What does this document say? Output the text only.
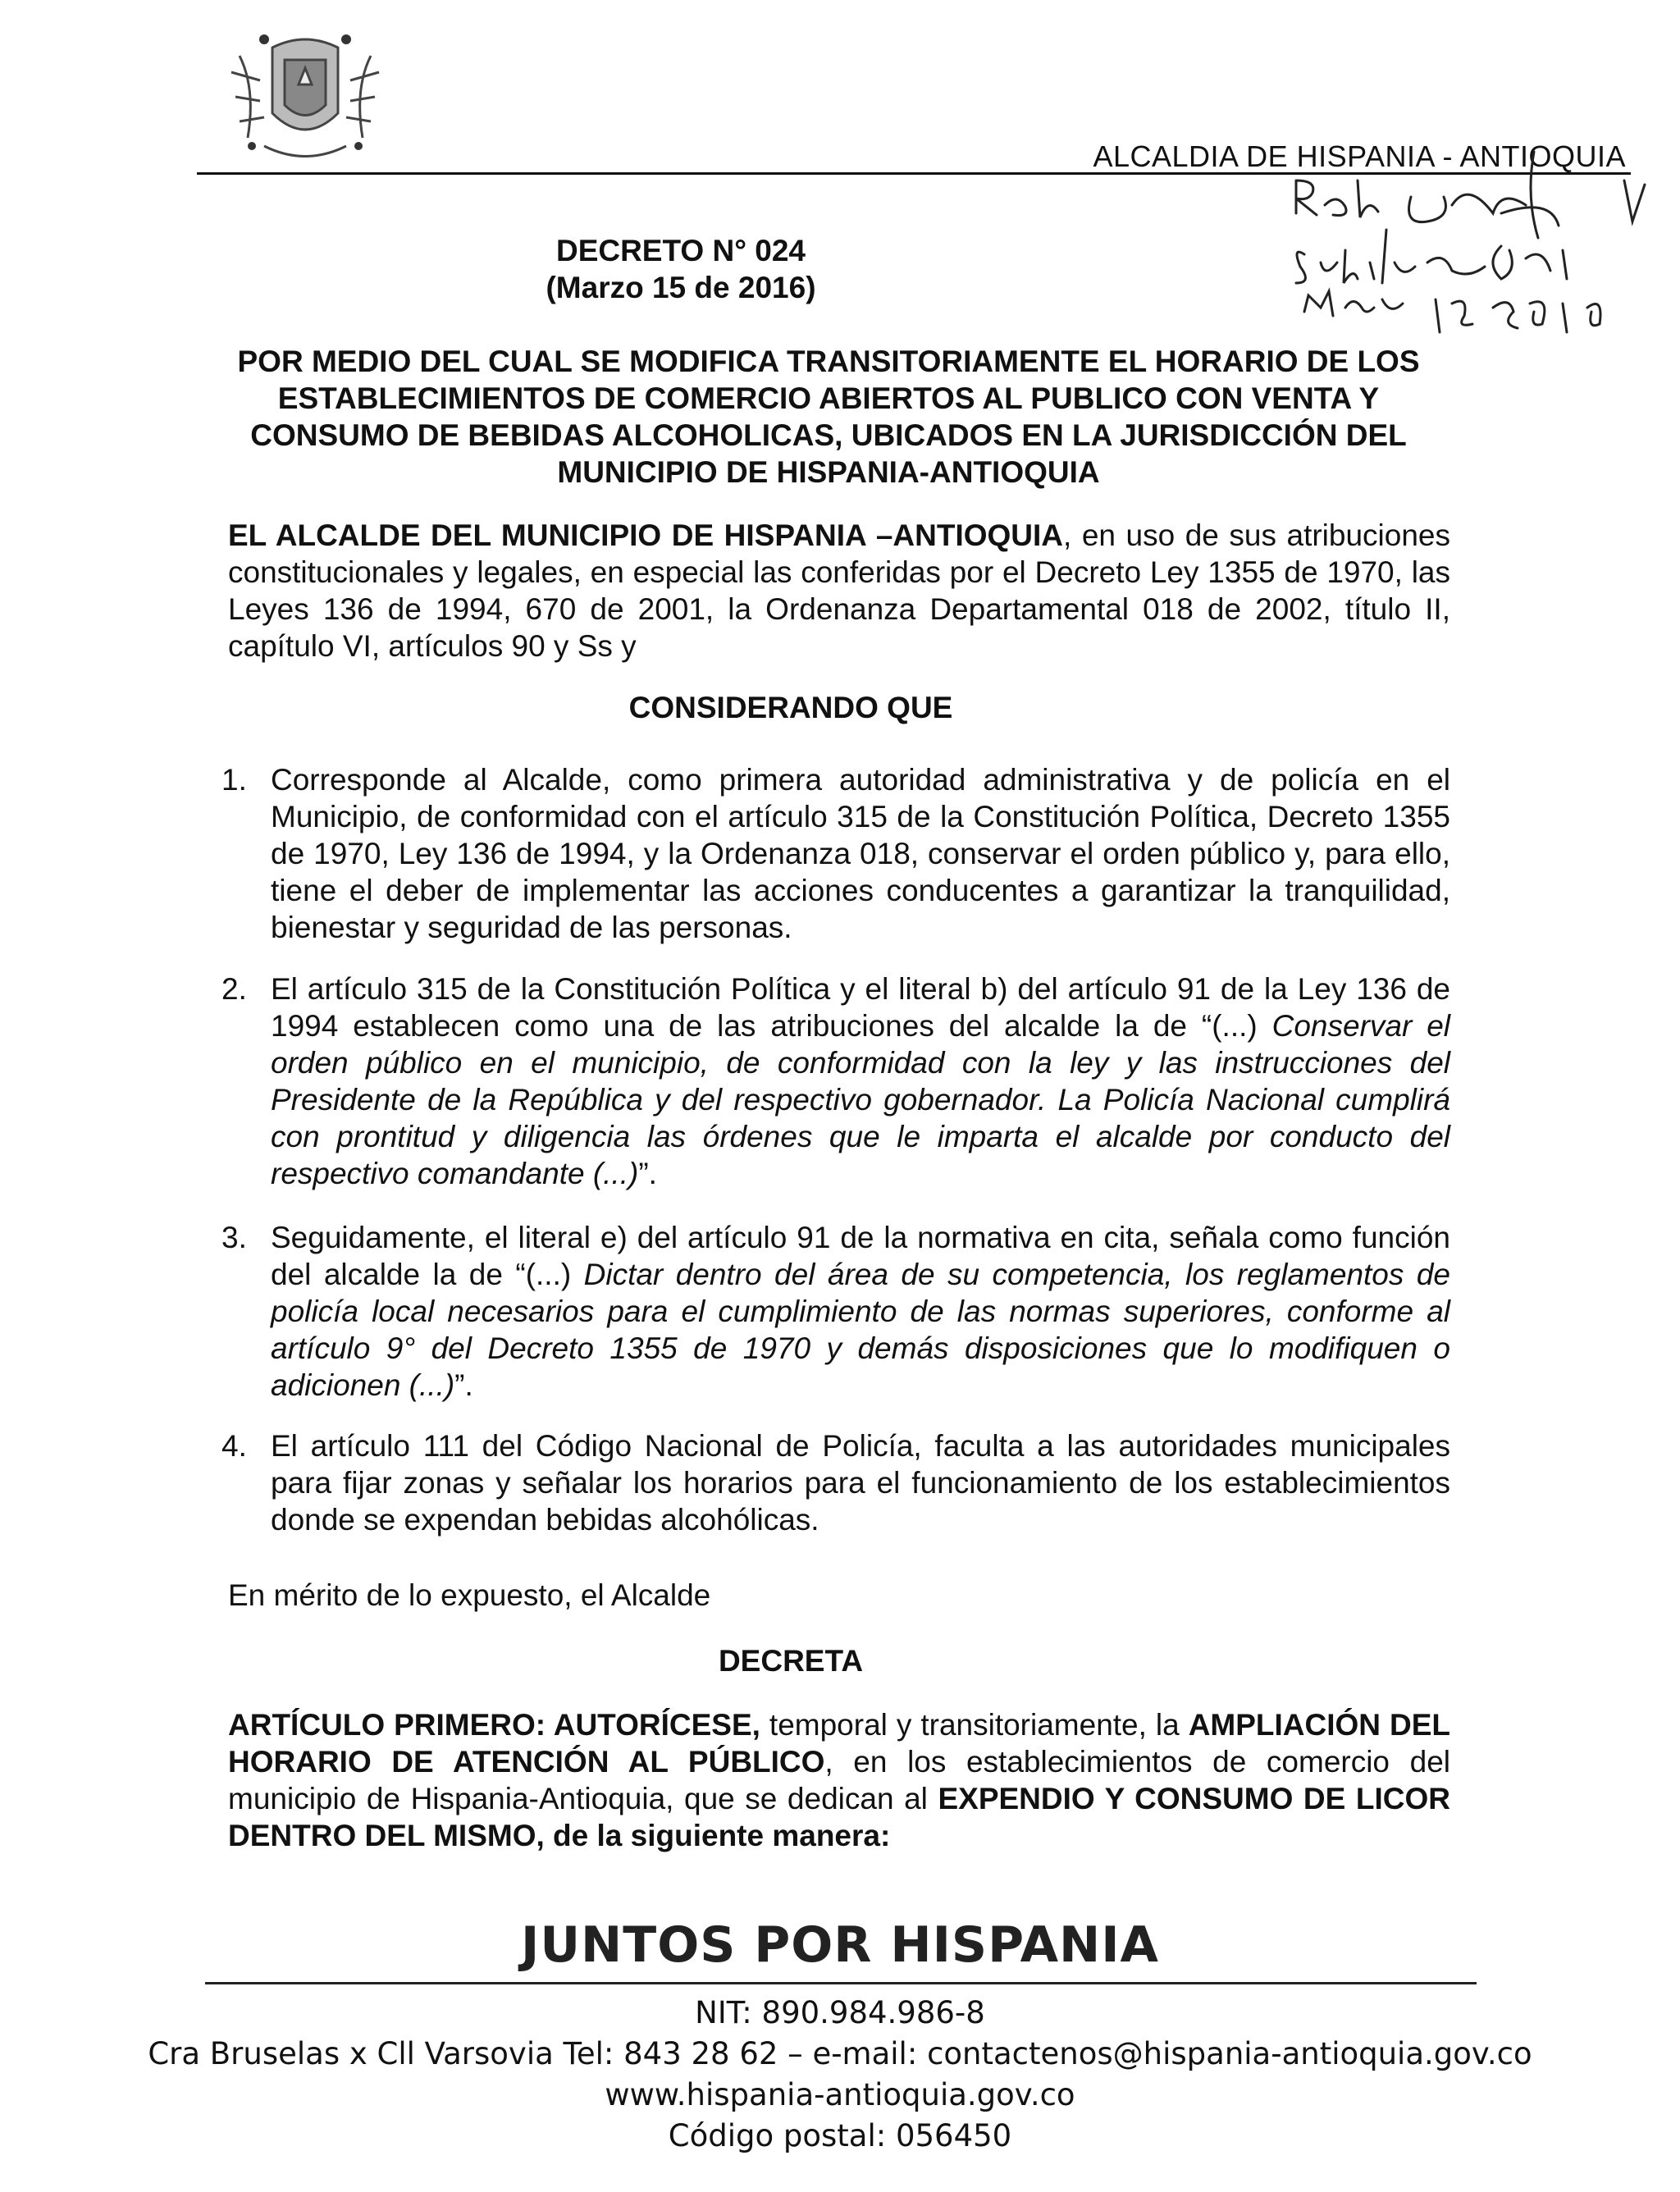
ALCALDIA DE HISPANIA - ANTIOQUIA
DECRETO N° 024
(Marzo 15 de 2016)
POR MEDIO DEL CUAL SE MODIFICA TRANSITORIAMENTE EL HORARIO DE LOS ESTABLECIMIENTOS DE COMERCIO ABIERTOS AL PUBLICO CON VENTA Y CONSUMO DE BEBIDAS ALCOHOLICAS, UBICADOS EN LA JURISDICCIÓN DEL MUNICIPIO DE HISPANIA-ANTIOQUIA
EL ALCALDE DEL MUNICIPIO DE HISPANIA –ANTIOQUIA, en uso de sus atribuciones constitucionales y legales, en especial las conferidas por el Decreto Ley 1355 de 1970, las Leyes 136 de 1994, 670 de 2001, la Ordenanza Departamental 018 de 2002, título II, capítulo VI, artículos 90 y Ss y
CONSIDERANDO QUE
1. Corresponde al Alcalde, como primera autoridad administrativa y de policía en el Municipio, de conformidad con el artículo 315 de la Constitución Política, Decreto 1355 de 1970, Ley 136 de 1994, y la Ordenanza 018, conservar el orden público y, para ello, tiene el deber de implementar las acciones conducentes a garantizar la tranquilidad, bienestar y seguridad de las personas.
2. El artículo 315 de la Constitución Política y el literal b) del artículo 91 de la Ley 136 de 1994 establecen como una de las atribuciones del alcalde la de “(...) Conservar el orden público en el municipio, de conformidad con la ley y las instrucciones del Presidente de la República y del respectivo gobernador. La Policía Nacional cumplirá con prontitud y diligencia las órdenes que le imparta el alcalde por conducto del respectivo comandante (...)”.
3. Seguidamente, el literal e) del artículo 91 de la normativa en cita, señala como función del alcalde la de “(...) Dictar dentro del área de su competencia, los reglamentos de policía local necesarios para el cumplimiento de las normas superiores, conforme al artículo 9° del Decreto 1355 de 1970 y demás disposiciones que lo modifiquen o adicionen (...)”.
4. El artículo 111 del Código Nacional de Policía, faculta a las autoridades municipales para fijar zonas y señalar los horarios para el funcionamiento de los establecimientos donde se expendan bebidas alcohólicas.
En mérito de lo expuesto, el Alcalde
DECRETA
ARTÍCULO PRIMERO: AUTORÍCESE, temporal y transitoriamente, la AMPLIACIÓN DEL HORARIO DE ATENCIÓN AL PÚBLICO, en los establecimientos de comercio del municipio de Hispania-Antioquia, que se dedican al EXPENDIO Y CONSUMO DE LICOR DENTRO DEL MISMO, de la siguiente manera:
JUNTOS POR HISPANIA
NIT: 890.984.986-8
Cra Bruselas x Cll Varsovia Tel: 843 28 62 – e-mail: contactenos@hispania-antioquia.gov.co
www.hispania-antioquia.gov.co
Código postal: 056450
